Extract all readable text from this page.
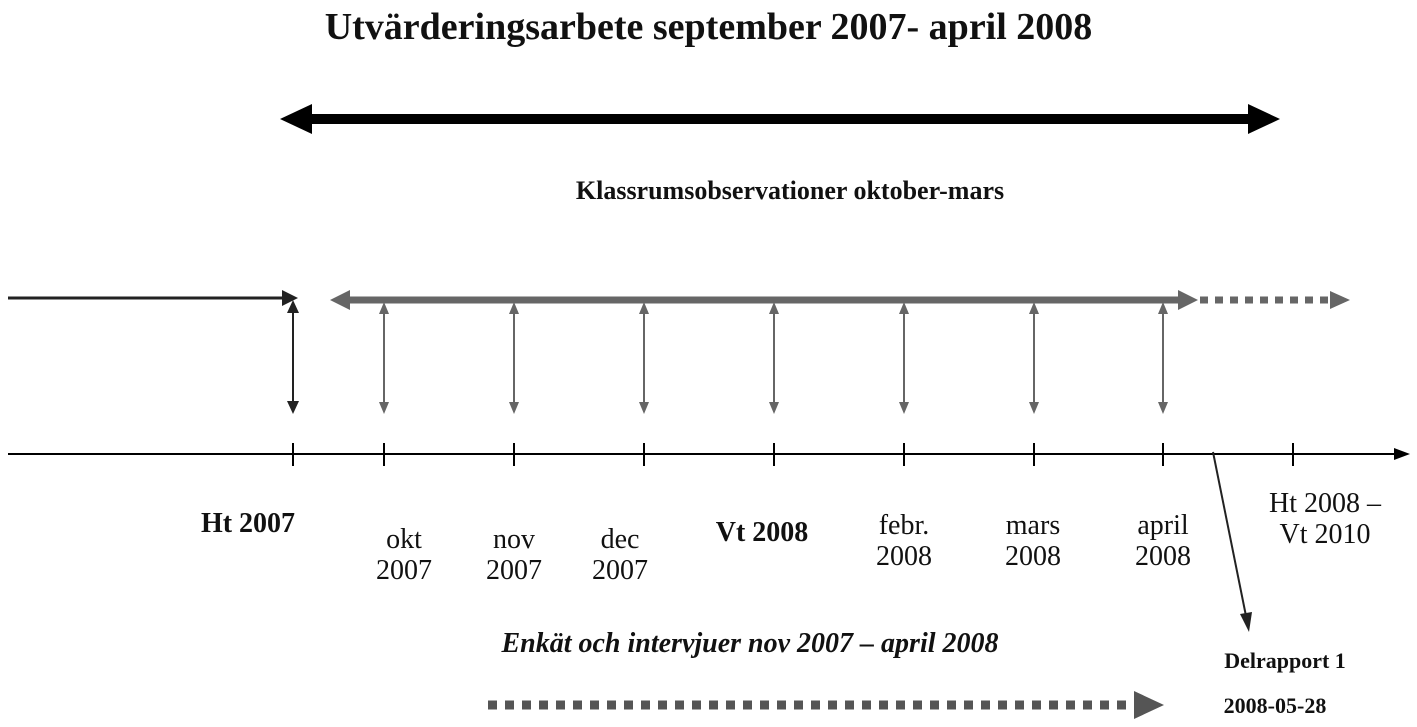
Utvärderingsarbete september 2007- april 2008
Klassrumsobservationer oktober-mars
Ht 2007
okt
2007
nov
2007
dec
2007
Vt 2008	febr.
2008
mars
2008
april
2008
Ht 2008 –
Vt 2010
Enkät och intervjuer nov 2007 – april 2008
Delrapport 1
2008-05-28
